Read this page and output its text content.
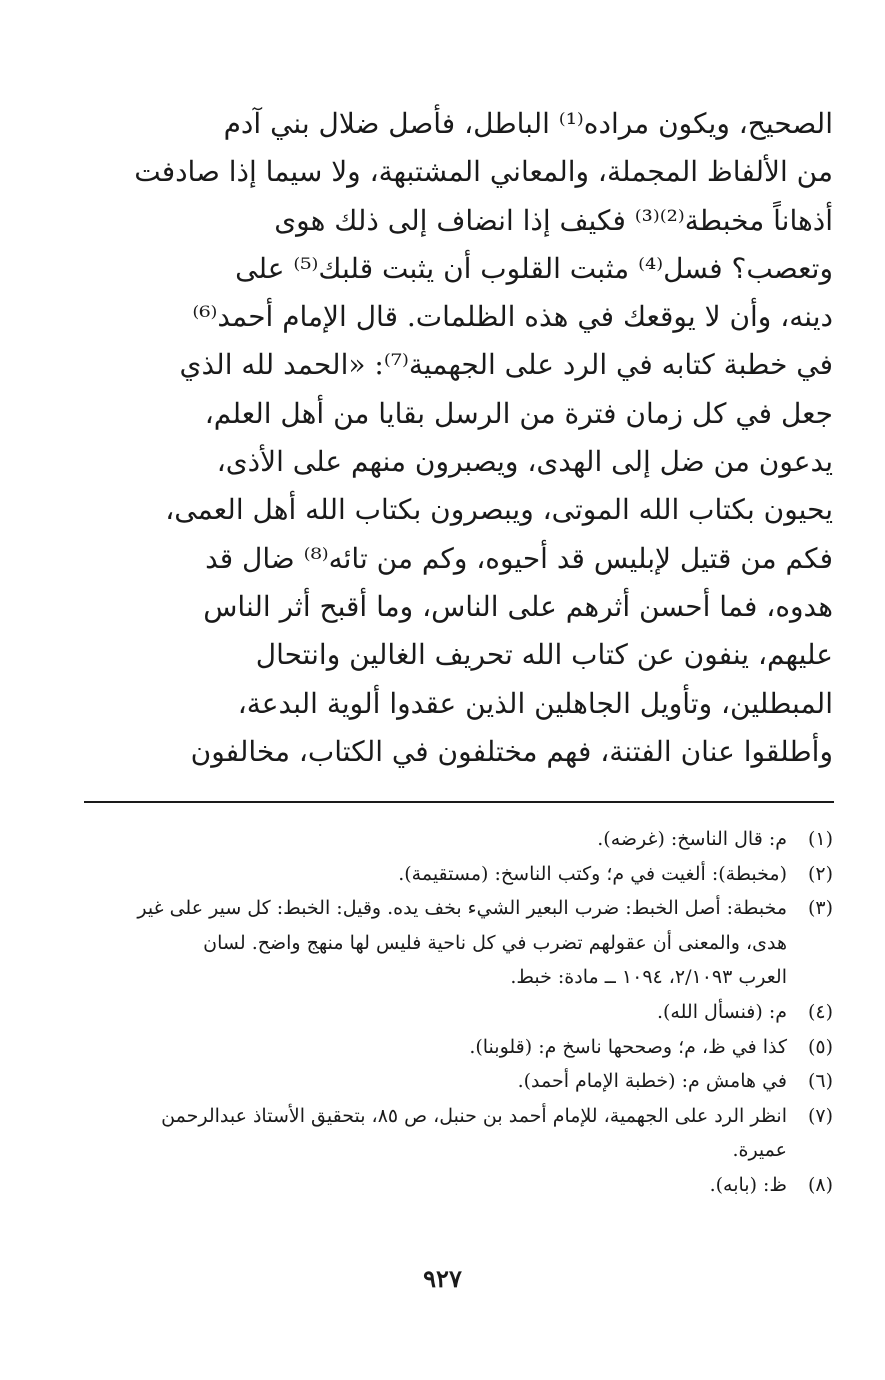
الصحيح، ويكون مراده⁽¹⁾ الباطل، فأصل ضلال بني آدم
من الألفاظ المجملة، والمعاني المشتبهة، ولا سيما إذا صادفت
أذهاناً مخبطة⁽²⁾⁽³⁾ فكيف إذا انضاف إلى ذلك هوى
وتعصب؟ فسل⁽⁴⁾ مثبت القلوب أن يثبت قلبك⁽⁵⁾ على
دينه، وأن لا يوقعك في هذه الظلمات. قال الإمام أحمد⁽⁶⁾
في خطبة كتابه في الرد على الجهمية⁽⁷⁾: «الحمد لله الذي
جعل في كل زمان فترة من الرسل بقايا من أهل العلم،
يدعون من ضل إلى الهدى، ويصبرون منهم على الأذى،
يحيون بكتاب الله الموتى، ويبصرون بكتاب الله أهل العمى،
فكم من قتيل لإبليس قد أحيوه، وكم من تائه⁽⁸⁾ ضال قد
هدوه، فما أحسن أثرهم على الناس، وما أقبح أثر الناس
عليهم، ينفون عن كتاب الله تحريف الغالين وانتحال
المبطلين، وتأويل الجاهلين الذين عقدوا ألوية البدعة،
وأطلقوا عنان الفتنة، فهم مختلفون في الكتاب، مخالفون
(١)
م: قال الناسخ: (غرضه).
(٢)
(مخبطة): ألغيت في م؛ وكتب الناسخ: (مستقيمة).
(٣)
مخبطة: أصل الخبط: ضرب البعير الشيء بخف يده. وقيل: الخبط: كل سير على غير
هدى، والمعنى أن عقولهم تضرب في كل ناحية فليس لها منهج واضح. لسان
العرب ٢/١٠٩٣، ١٠٩٤ ــ مادة: خبط.
(٤)
م: (فنسأل الله).
(٥)
كذا في ظ، م؛ وصححها ناسخ م: (قلوبنا).
(٦)
في هامش م: (خطبة الإمام أحمد).
(٧)
انظر الرد على الجهمية، للإمام أحمد بن حنبل، ص ٨٥، بتحقيق الأستاذ عبدالرحمن
عميرة.
(٨)
ظ: (بابه).
٩٢٧
